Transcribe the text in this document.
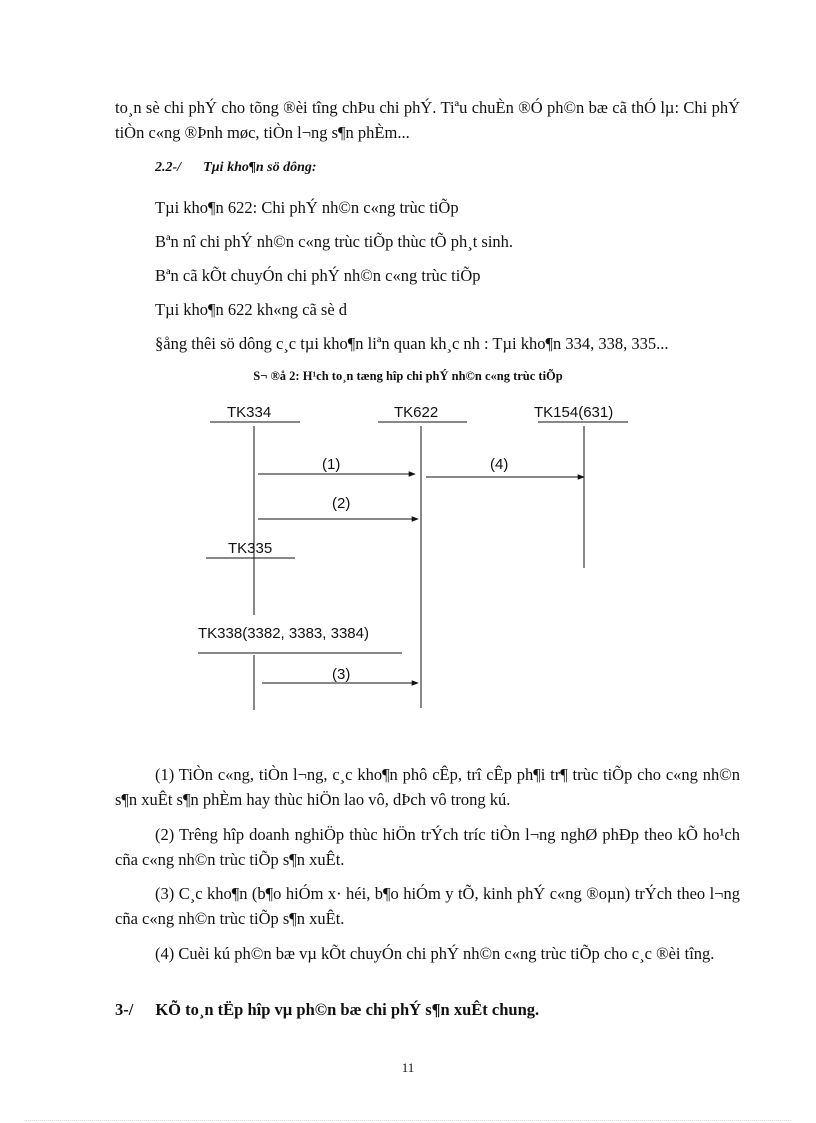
to¸n sè chi phÝ cho tõng ®èi tîng chÞu chi phÝ. Tiªu chuÈn ®Ó ph©n bæ cã thÓ lµ: Chi phÝ tiÒn c«ng ®Þnh møc, tiÒn l¬ng s¶n phÈm...
2.2-/ Tµi kho¶n sö dông:
Tµi kho¶n 622: Chi phÝ nh©n c«ng trùc tiÕp
Bªn nî chi phÝ nh©n c«ng trùc tiÕp thùc tÕ ph¸t sinh.
Bªn cã kÕt chuyÓn chi phÝ nh©n c«ng trùc tiÕp
Tµi kho¶n 622 kh«ng cã sè d
§ång thêi sö dông c¸c tµi kho¶n liªn quan kh¸c nh : Tµi kho¶n 334, 338, 335...
S¬ ®å 2: H¹ch to¸n tæng hîp chi phÝ nh©n c«ng trùc tiÕp
TK334	TK622	TK154(631)
TK335
TK338(3382, 3383, 3384)
(1)	(4)
(2)
(3)
(1) TiÒn c«ng, tiÒn l¬ng, c¸c kho¶n phô cÊp, trî cÊp ph¶i tr¶ trùc tiÕp cho c«ng nh©n s¶n xuÊt s¶n phÈm hay thùc hiÖn lao vô, dÞch vô trong kú.
(2) Trêng hîp doanh nghiÖp thùc hiÖn trÝch tríc tiÒn l¬ng nghØ phÐp theo kÕ ho¹ch cña c«ng nh©n trùc tiÕp s¶n xuÊt.
(3) C¸c kho¶n (b¶o hiÓm x· héi, b¶o hiÓm y tÕ, kinh phÝ c«ng ®oµn) trÝch theo l¬ng cña c«ng nh©n trùc tiÕp s¶n xuÊt.
(4) Cuèi kú ph©n bæ vµ kÕt chuyÓn chi phÝ nh©n c«ng trùc tiÕp cho c¸c ®èi tîng.
3-/ KÕ to¸n tËp hîp vµ ph©n bæ chi phÝ s¶n xuÊt chung.
11
